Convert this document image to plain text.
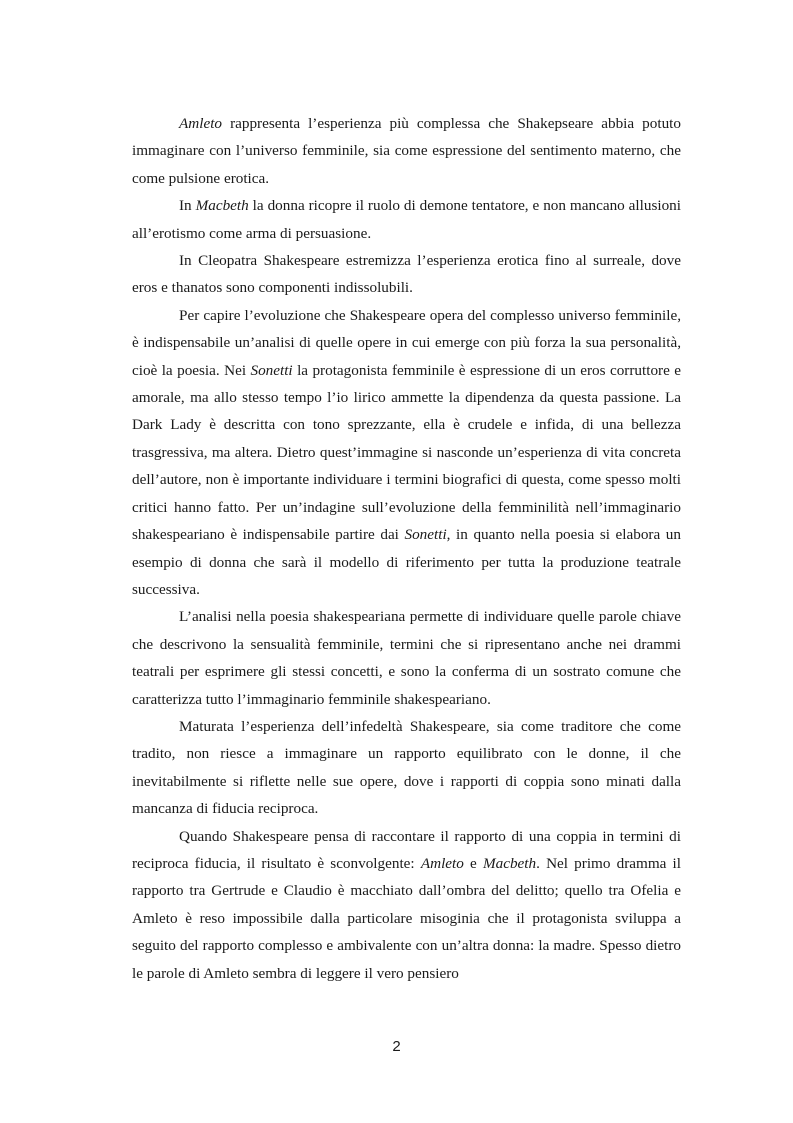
Amleto rappresenta l’esperienza più complessa che Shakepseare abbia potuto immaginare con l’universo femminile, sia come espressione del sentimento materno, che come pulsione erotica.

In Macbeth la donna ricopre il ruolo di demone tentatore, e non mancano allusioni all’erotismo come arma di persuasione.

In Cleopatra Shakespeare estremizza l’esperienza erotica fino al surreale, dove eros e thanatos sono componenti indissolubili.

Per capire l’evoluzione che Shakespeare opera del complesso universo femminile, è indispensabile un’analisi di quelle opere in cui emerge con più forza la sua personalità, cioè la poesia. Nei Sonetti la protagonista femminile è espressione di un eros corruttore e amorale, ma allo stesso tempo l’io lirico ammette la dipendenza da questa passione. La Dark Lady è descritta con tono sprezzante, ella è crudele e infida, di una bellezza trasgressiva, ma altera. Dietro quest’immagine si nasconde un’esperienza di vita concreta dell’autore, non è importante individuare i termini biografici di questa, come spesso molti critici hanno fatto. Per un’indagine sull’evoluzione della femminilità nell’immaginario shakespeariano è indispensabile partire dai Sonetti, in quanto nella poesia si elabora un esempio di donna che sarà il modello di riferimento per tutta la produzione teatrale successiva.

L’analisi nella poesia shakespeariana permette di individuare quelle parole chiave che descrivono la sensualità femminile, termini che si ripresentano anche nei drammi teatrali per esprimere gli stessi concetti, e sono la conferma di un sostrato comune che caratterizza tutto l’immaginario femminile shakespeariano.

Maturata l’esperienza dell’infedeltà Shakespeare, sia come traditore che come tradito, non riesce a immaginare un rapporto equilibrato con le donne, il che inevitabilmente si riflette nelle sue opere, dove i rapporti di coppia sono minati dalla mancanza di fiducia reciproca.

Quando Shakespeare pensa di raccontare il rapporto di una coppia in termini di reciproca fiducia, il risultato è sconvolgente: Amleto e Macbeth. Nel primo dramma il rapporto tra Gertrude e Claudio è macchiato dall’ombra del delitto; quello tra Ofelia e Amleto è reso impossibile dalla particolare misoginia che il protagonista sviluppa a seguito del rapporto complesso e ambivalente con un’altra donna: la madre. Spesso dietro le parole di Amleto sembra di leggere il vero pensiero

2
